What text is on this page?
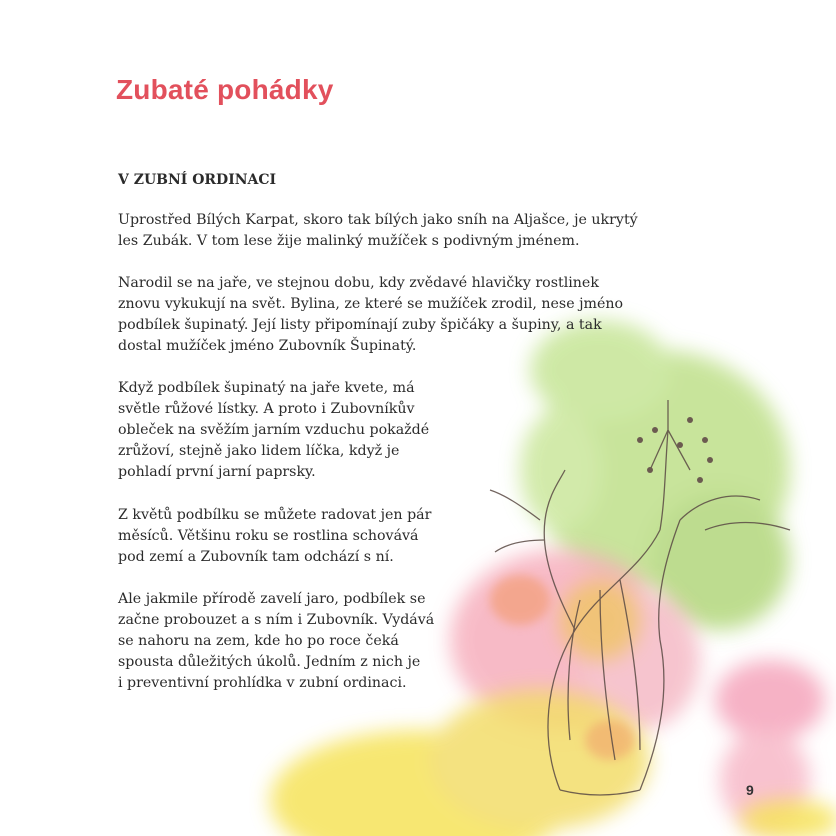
Zubaté pohádky
V ZUBNÍ ORDINACI

Uprostřed Bílých Karpat, skoro tak bílých jako sníh na Aljašce, je ukrytý
les Zubák. V tom lese žije malinký mužíček s podivným jménem.

Narodil se na jaře, ve stejnou dobu, kdy zvědavé hlavičky rostlinek
znovu vykukují na svět. Bylina, ze které se mužíček zrodil, nese jméno
podbílek šupinatý. Její listy připomínají zuby špičáky a šupiny, a tak
dostal mužíček jméno Zubovník Šupinatý.

Když podbílek šupinatý na jaře kvete, má
světle růžové lístky. A proto i Zubovníkův
obleček na svěžím jarním vzduchu pokaždé
zrůžoví, stejně jako lidem líčka, když je
pohladí první jarní paprsky.

Z květů podbílku se můžete radovat jen pár
měsíců. Většinu roku se rostlina schovává
pod zemí a Zubovník tam odchází s ní.

Ale jakmile přírodě zavelí jaro, podbílek se
začne probouzet a s ním i Zubovník. Vydává
se nahoru na zem, kde ho po roce čeká
spousta důležitých úkolů. Jedním z nich je
i preventivní prohlídka v zubní ordinaci.

9
